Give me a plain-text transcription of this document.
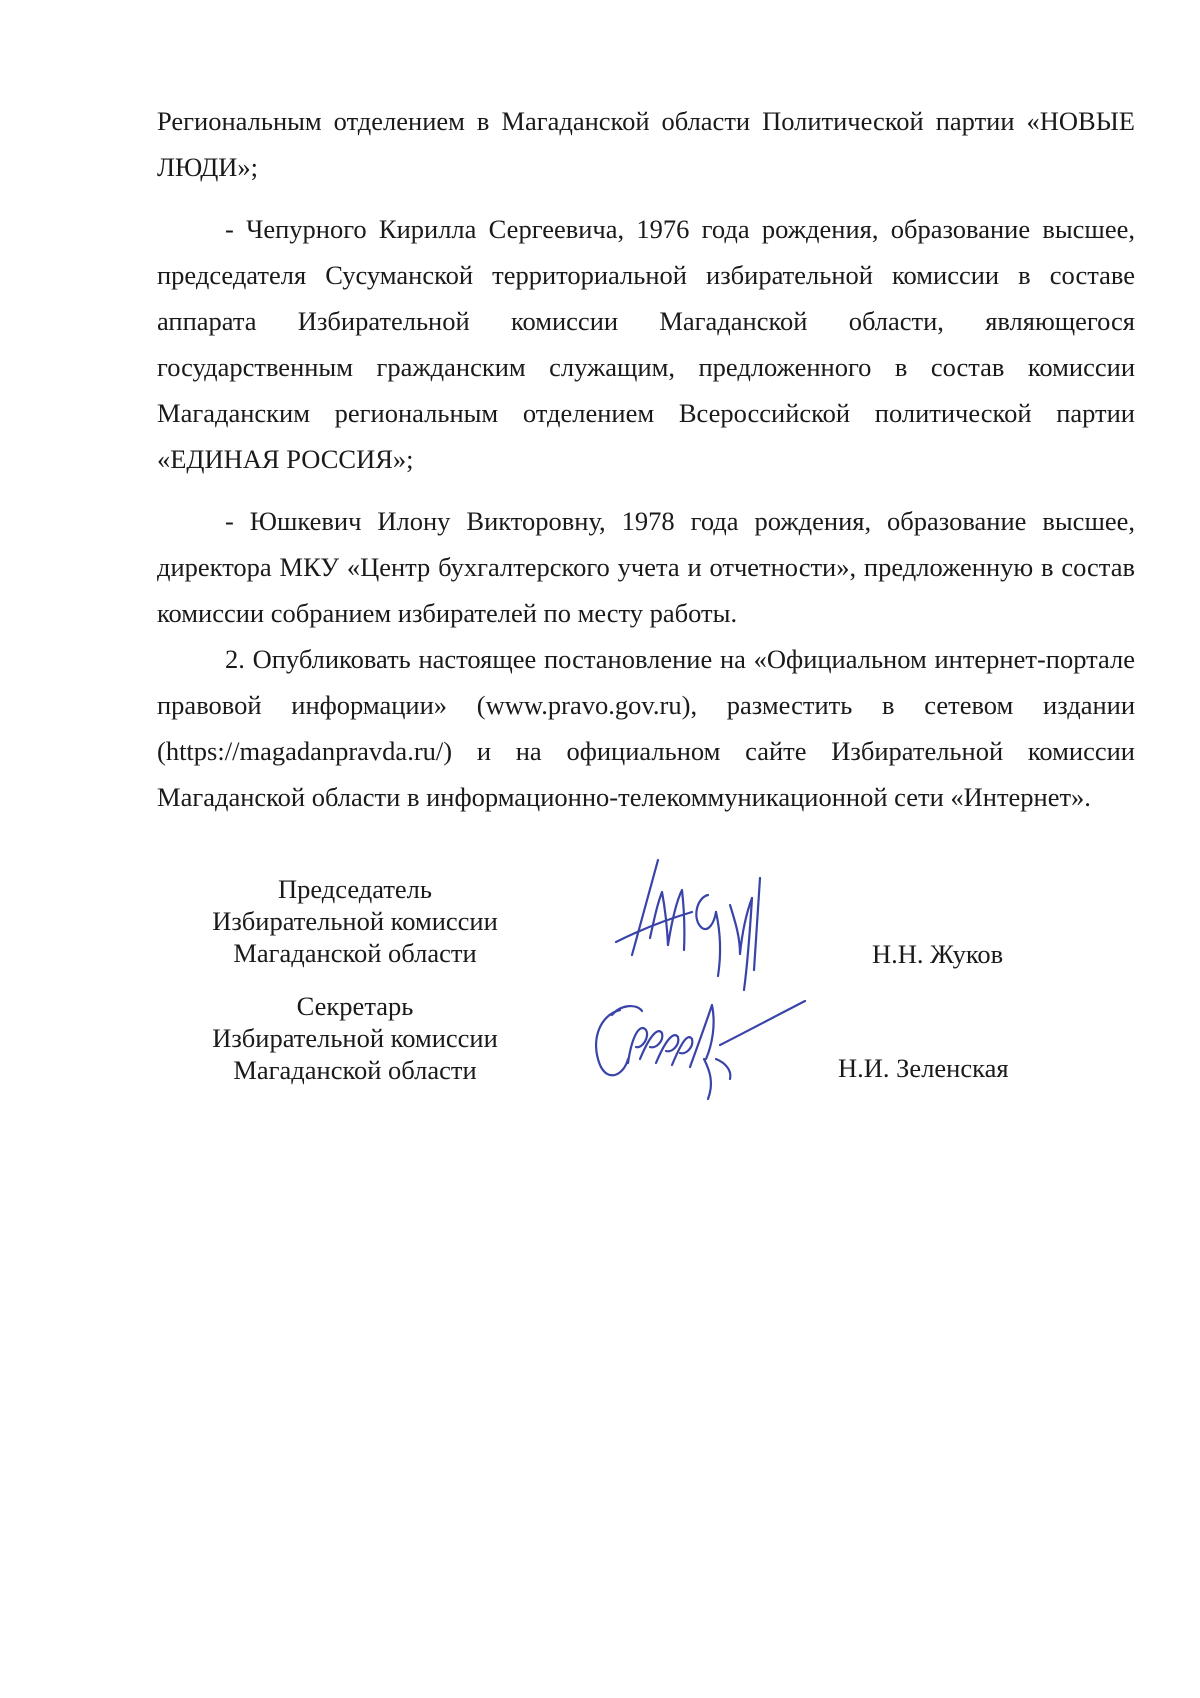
Региональным отделением в Магаданской области Политической партии «НОВЫЕ ЛЮДИ»;

- Чепурного Кирилла Сергеевича, 1976 года рождения, образование высшее, председателя Сусуманской территориальной избирательной комиссии в составе аппарата Избирательной комиссии Магаданской области, являющегося государственным гражданским служащим, предложенного в состав комиссии Магаданским региональным отделением Всероссийской политической партии «ЕДИНАЯ РОССИЯ»;

- Юшкевич Илону Викторовну, 1978 года рождения, образование высшее, директора МКУ «Центр бухгалтерского учета и отчетности», предложенную в состав комиссии собранием избирателей по месту работы.

2. Опубликовать настоящее постановление на «Официальном интернет-портале правовой информации» (www.pravo.gov.ru), разместить в сетевом издании (https://magadanpravda.ru/) и на официальном сайте Избирательной комиссии Магаданской области в информационно-телекоммуникационной сети «Интернет».

Председатель
Избирательной комиссии
Магаданской области	Н.Н. Жуков
Секретарь
Избирательной комиссии
Магаданской области	Н.И. Зеленская
